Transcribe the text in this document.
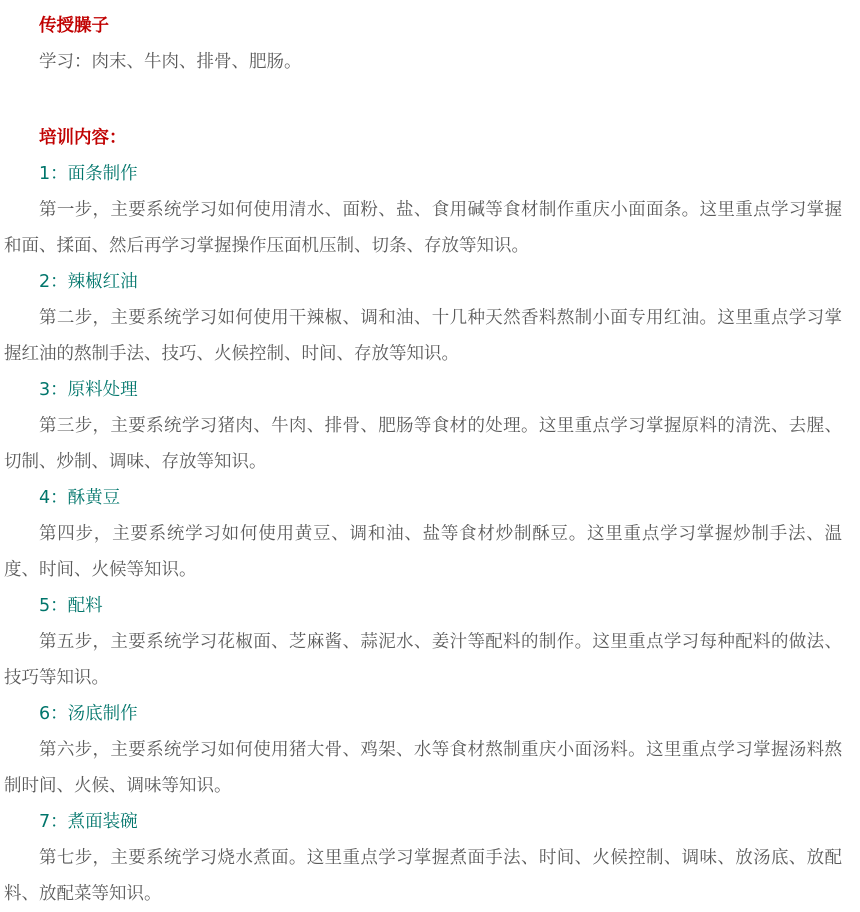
传授臊子
学习：肉末、牛肉、排骨、肥肠。
培训内容：
1：面条制作
第一步，主要系统学习如何使用清水、面粉、盐、食用碱等食材制作重庆小面面条。这里重点学习掌握和面、揉面、然后再学习掌握操作压面机压制、切条、存放等知识。
2：辣椒红油
第二步，主要系统学习如何使用干辣椒、调和油、十几种天然香料熬制小面专用红油。这里重点学习掌握红油的熬制手法、技巧、火候控制、时间、存放等知识。
3：原料处理
第三步，主要系统学习猪肉、牛肉、排骨、肥肠等食材的处理。这里重点学习掌握原料的清洗、去腥、切制、炒制、调味、存放等知识。
4：酥黄豆
第四步，主要系统学习如何使用黄豆、调和油、盐等食材炒制酥豆。这里重点学习掌握炒制手法、温度、时间、火候等知识。
5：配料
第五步，主要系统学习花椒面、芝麻酱、蒜泥水、姜汁等配料的制作。这里重点学习每种配料的做法、技巧等知识。
6：汤底制作
第六步，主要系统学习如何使用猪大骨、鸡架、水等食材熬制重庆小面汤料。这里重点学习掌握汤料熬制时间、火候、调味等知识。
7：煮面装碗
第七步，主要系统学习烧水煮面。这里重点学习掌握煮面手法、时间、火候控制、调味、放汤底、放配料、放配菜等知识。
